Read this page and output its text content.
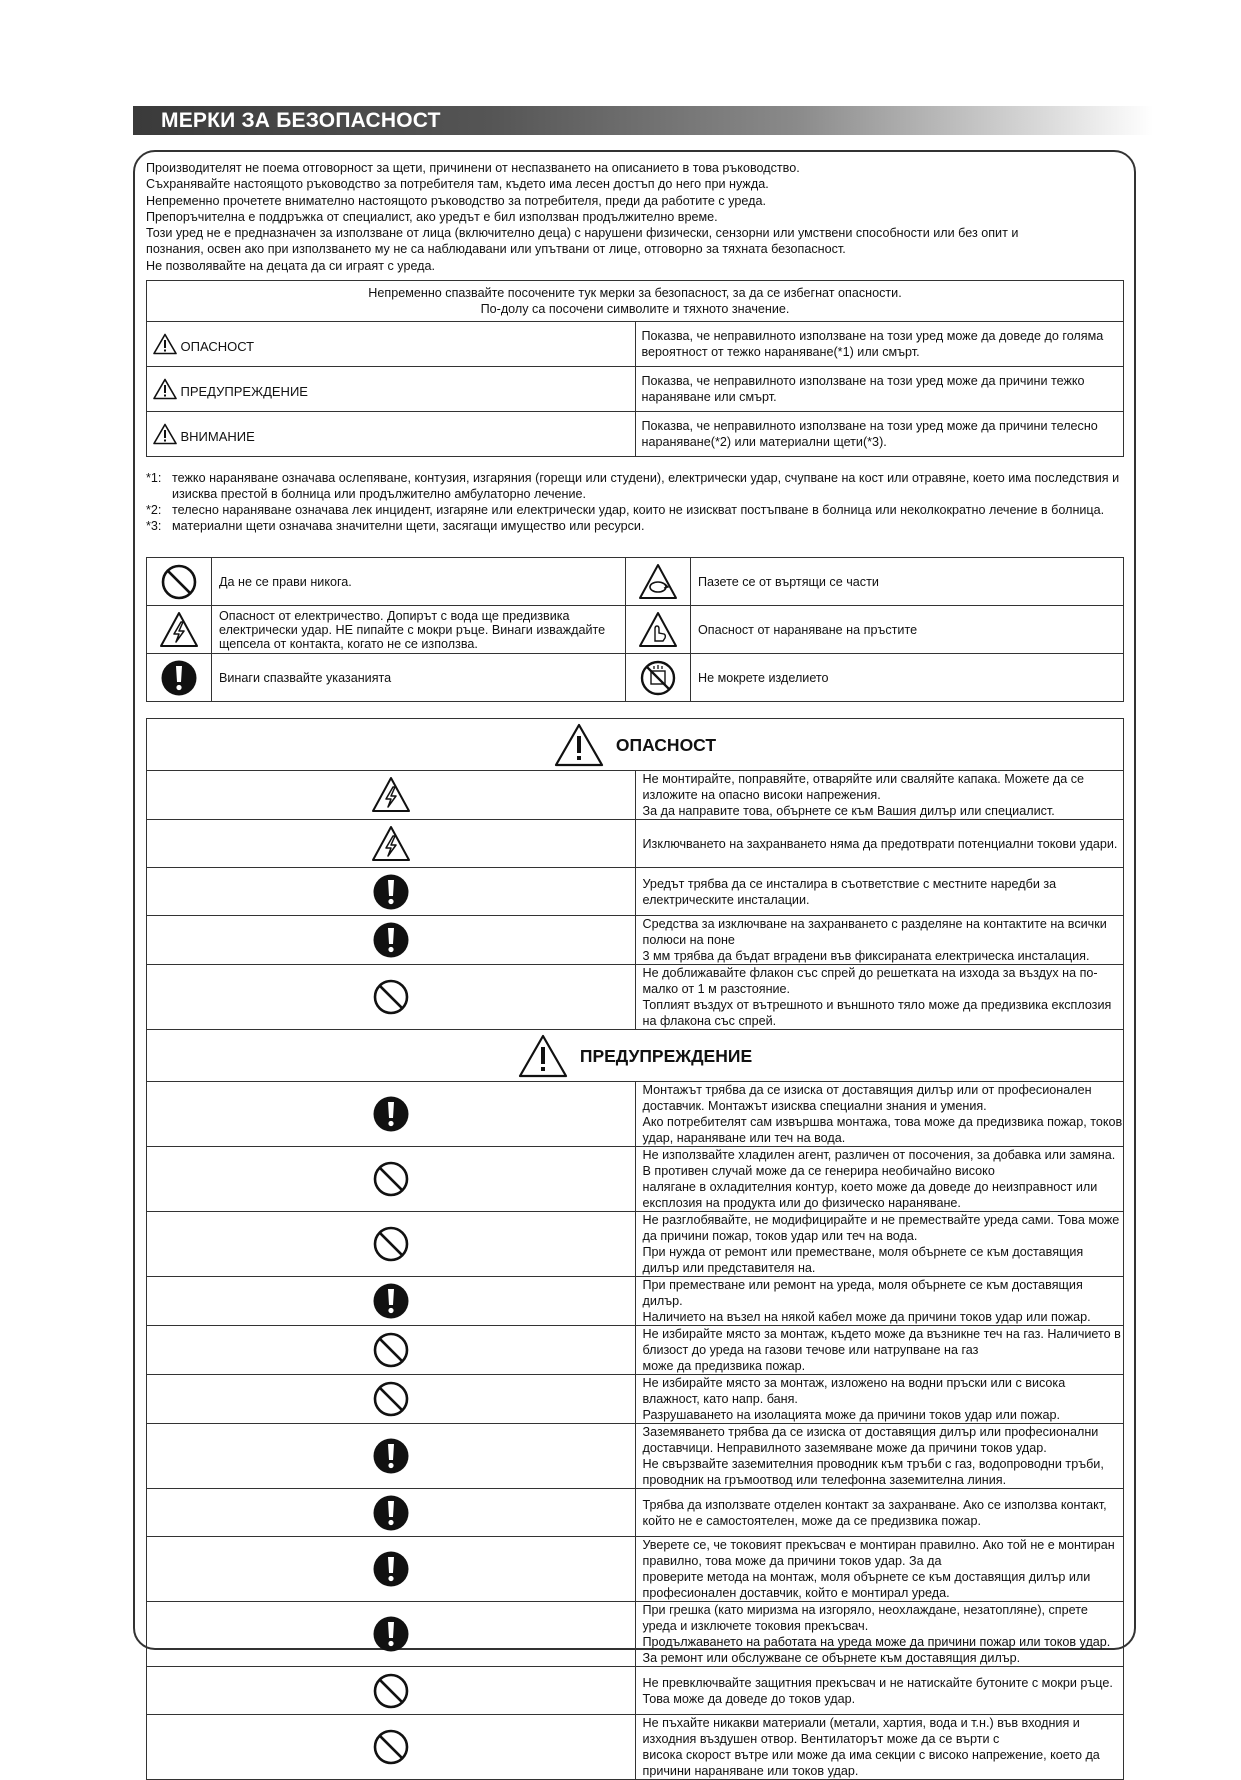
МЕРКИ ЗА БЕЗОПАСНОСТ
Производителят не поема отговорност за щети, причинени от неспазването на описанието в това ръководство.
Съхранявайте настоящото ръководство за потребителя там, където има лесен достъп до него при нужда.
Непременно прочетете внимателно настоящото ръководство за потребителя, преди да работите с уреда.
Препоръчителна е поддръжка от специалист, ако уредът е бил използван продължително време.
Този уред не е предназначен за използване от лица (включително деца) с нарушени физически, сензорни или умствени способности или без опит и
познания, освен ако при използването му не са наблюдавани или упътвани от лице, отговорно за тяхната безопасност.
Не позволявайте на децата да си играят с уреда.
Непременно спазвайте посочените тук мерки за безопасност, за да се избегнат опасности.
По-долу са посочени символите и тяхното значение.	

ОПАСНОСТ	Показва, че неправилното използване на този уред може да доведе до голяма вероятност от тежко нараняване(*1) или смърт.
ПРЕДУПРЕЖДЕНИЕ	Показва, че неправилното използване на този уред може да причини тежко нараняване или смърт.
ВНИМАНИЕ	Показва, че неправилното използване на този уред може да причини телесно нараняване(*2) или материални щети(*3).
*1: тежко нараняване означава ослепяване, контузия, изгаряния (горещи или студени), електрически удар, счупване на кост или отравяне, което има последствия и изисква престой в болница или продължително амбулаторно лечение.
*2: телесно нараняване означава лек инцидент, изгаряне или електрически удар, които не изискват постъпване в болница или неколкократно лечение в болница.
*3: материални щети означава значителни щети, засягащи имущество или ресурси.
	Да не се прави никога.		Пазете се от въртящи се части
	Опасност от електричество. Допирът с вода ще предизвика електрически удар. НЕ пипайте с мокри ръце. Винаги изваждайте щепсела от контакта, когато не се използва.		Опасност от нараняване на пръстите
	Винаги спазвайте указанията		Не мокрете изделието
ОПАСНОСТ	

Не монтирайте, поправяйте, отваряйте или сваляйте капака. Можете да се изложите на опасно високи напрежения.
За да направите това, обърнете се към Вашия дилър или специалист.

Изключването на захранването няма да предотврати потенциални токови удари.

Уредът трябва да се инсталира в съответствие с местните наредби за електрическите инсталации.

Средства за изключване на захранването с разделяне на контактите на всички полюси на поне
3 мм трябва да бъдат вградени във фиксираната електрическа инсталация.

Не доближавайте флакон със спрей до решетката на изхода за въздух на по-малко от 1 м разстояние.
Топлият въздух от вътрешното и външното тяло може да предизвика експлозия на флакона със спрей.

ПРЕДУПРЕЖДЕНИЕ	

Монтажът трябва да се изиска от доставящия дилър или от професионален доставчик. Монтажът изисква специални знания и умения.
Ако потребителят сам извършва монтажа, това може да предизвика пожар, токов удар, нараняване или теч на вода.

Не използвайте хладилен агент, различен от посочения, за добавка или замяна. В противен случай може да се генерира необичайно високо
налягане в охладителния контур, което може да доведе до неизправност или експлозия на продукта или до физическо нараняване.

Не разглобявайте, не модифицирайте и не премествайте уреда сами. Това може да причини пожар, токов удар или теч на вода.
При нужда от ремонт или преместване, моля обърнете се към доставящия дилър или представителя на.

При преместване или ремонт на уреда, моля обърнете се към доставящия дилър.
Наличието на възел на някой кабел може да причини токов удар или пожар.

Не избирайте място за монтаж, където може да възникне теч на газ. Наличието в близост до уреда на газови течове или натрупване на газ
може да предизвика пожар.

Не избирайте място за монтаж, изложено на водни пръски или с висока влажност, като напр. баня.
Разрушаването на изолацията може да причини токов удар или пожар.

Заземяването трябва да се изиска от доставящия дилър или професионални доставчици. Неправилното заземяване може да причини токов удар.
Не свързвайте заземителния проводник към тръби с газ, водопроводни тръби, проводник на гръмоотвод или телефонна заземителна линия.

Трябва да използвате отделен контакт за захранване. Ако се използва контакт, който не е самостоятелен, може да се предизвика пожар.

Уверете се, че токовият прекъсвач е монтиран правилно. Ако той не е монтиран правилно, това може да причини токов удар. За да
проверите метода на монтаж, моля обърнете се към доставящия дилър или професионален доставчик, който е монтирал уреда.

При грешка (като миризма на изгоряло, неохлаждане, незатопляне), спрете уреда и изключете токовия прекъсвач.
Продължаването на работата на уреда може да причини пожар или токов удар. За ремонт или обслужване се обърнете към доставящия дилър.

Не превключвайте защитния прекъсвач и не натискайте бутоните с мокри ръце. Това може да доведе до токов удар.

Не пъхайте никакви материали (метали, хартия, вода и т.н.) във входния и изходния въздушен отвор. Вентилаторът може да се върти с
висока скорост вътре или може да има секции с високо напрежение, което да причини нараняване или токов удар.
